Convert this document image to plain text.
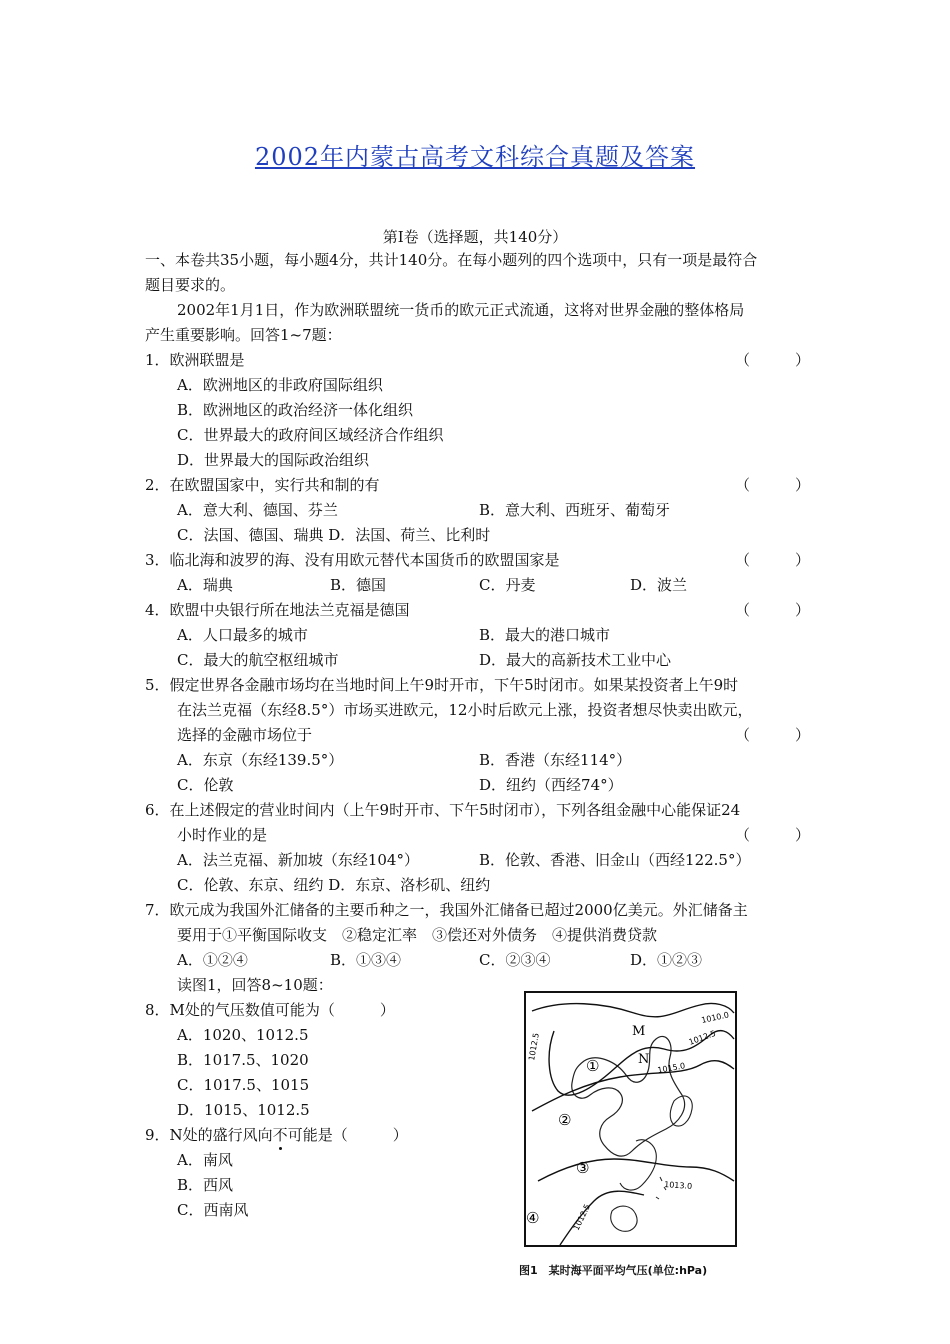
2002年内蒙古高考文科综合真题及答案
第Ⅰ卷（选择题，共140分）
一、本卷共35小题，每小题4分，共计140分。在每小题列的四个选项中，只有一项是最符合
题目要求的。
2002年1月1日，作为欧洲联盟统一货币的欧元正式流通，这将对世界金融的整体格局
产生重要影响。回答1~7题：
1．欧洲联盟是	（　　　）
A．欧洲地区的非政府国际组织
B．欧洲地区的政治经济一体化组织
C．世界最大的政府间区域经济合作组织
D．世界最大的国际政治组织
2．在欧盟国家中，实行共和制的有	（　　　）
A．意大利、德国、芬兰	B．意大利、西班牙、葡萄牙
C．法国、德国、瑞典 D．法国、荷兰、比利时
3．临北海和波罗的海、没有用欧元替代本国货币的欧盟国家是	（　　　）
A．瑞典	B．德国	C．丹麦	D．波兰
4．欧盟中央银行所在地法兰克福是德国	（　　　）
A．人口最多的城市	B．最大的港口城市
C．最大的航空枢纽城市	D．最大的高新技术工业中心
5．假定世界各金融市场均在当地时间上午9时开市，下午5时闭市。如果某投资者上午9时
在法兰克福（东经8.5°）市场买进欧元，12小时后欧元上涨，投资者想尽快卖出欧元，
选择的金融市场位于	（　　　）
A．东京（东经139.5°）	B．香港（东经114°）
C．伦敦	D．纽约（西经74°）
6．在上述假定的营业时间内（上午9时开市、下午5时闭市），下列各组金融中心能保证24
小时作业的是	（　　　）
A．法兰克福、新加坡（东经104°）	B．伦敦、香港、旧金山（西经122.5°）
C．伦敦、东京、纽约 D．东京、洛杉矶、纽约
7．欧元成为我国外汇储备的主要币种之一，我国外汇储备已超过2000亿美元。外汇储备主
要用于①平衡国际收支　②稳定汇率　③偿还对外债务　④提供消费贷款
A．①②④	B．①③④	C．②③④	D．①②③
读图1，回答8~10题：
8．M处的气压数值可能为（　　　）
A．1020、1012.5
B．1017.5、1020
C．1017.5、1015
D．1015、1012.5
9．N处的盛行风向不可能是（　　　）
A．南风
B．西风
C．西南风
1010.0
1012.5
1015.0
1012.5
1013.0
1012.5
M
N
①
②
③
④
图1　某时海平面平均气压(单位:hPa)
